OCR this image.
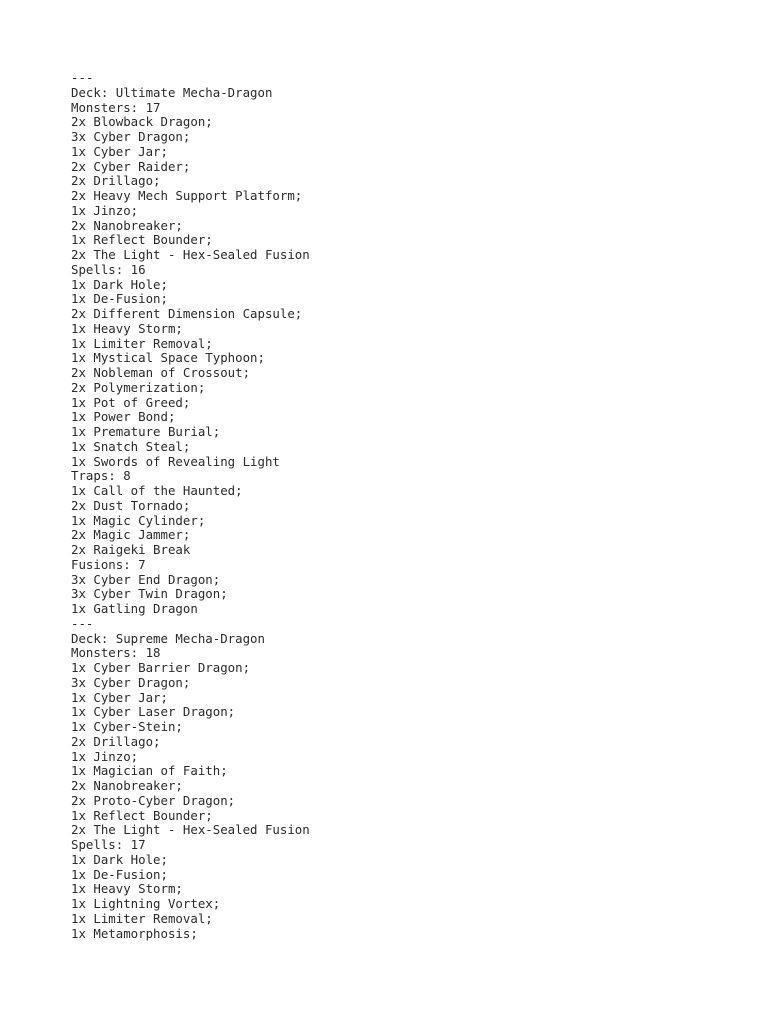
---
Deck: Ultimate Mecha-Dragon
Monsters: 17
2x Blowback Dragon;
3x Cyber Dragon;
1x Cyber Jar;
2x Cyber Raider;
2x Drillago;
2x Heavy Mech Support Platform;
1x Jinzo;
2x Nanobreaker;
1x Reflect Bounder;
2x The Light - Hex-Sealed Fusion
Spells: 16
1x Dark Hole;
1x De-Fusion;
2x Different Dimension Capsule;
1x Heavy Storm;
1x Limiter Removal;
1x Mystical Space Typhoon;
2x Nobleman of Crossout;
2x Polymerization;
1x Pot of Greed;
1x Power Bond;
1x Premature Burial;
1x Snatch Steal;
1x Swords of Revealing Light
Traps: 8
1x Call of the Haunted;
2x Dust Tornado;
1x Magic Cylinder;
2x Magic Jammer;
2x Raigeki Break
Fusions: 7
3x Cyber End Dragon;
3x Cyber Twin Dragon;
1x Gatling Dragon
---
Deck: Supreme Mecha-Dragon
Monsters: 18
1x Cyber Barrier Dragon;
3x Cyber Dragon;
1x Cyber Jar;
1x Cyber Laser Dragon;
1x Cyber-Stein;
2x Drillago;
1x Jinzo;
1x Magician of Faith;
2x Nanobreaker;
2x Proto-Cyber Dragon;
1x Reflect Bounder;
2x The Light - Hex-Sealed Fusion
Spells: 17
1x Dark Hole;
1x De-Fusion;
1x Heavy Storm;
1x Lightning Vortex;
1x Limiter Removal;
1x Metamorphosis;
